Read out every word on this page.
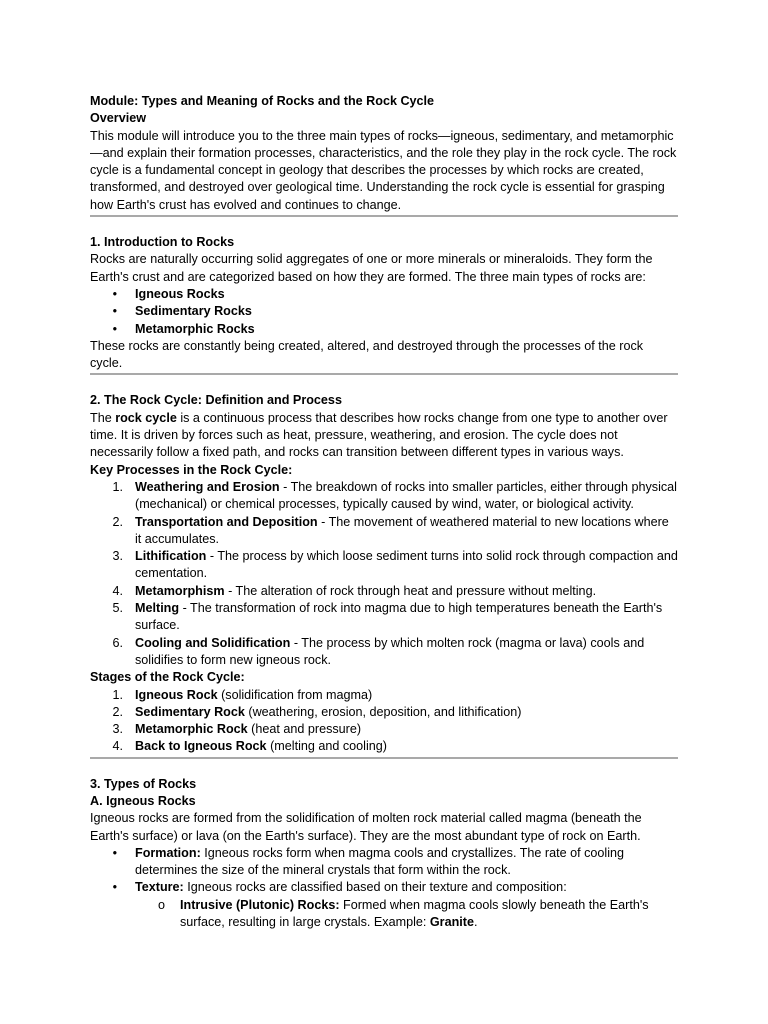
Module: Types and Meaning of Rocks and the Rock Cycle
Overview

This module will introduce you to the three main types of rocks—igneous, sedimentary, and metamorphic—and explain their formation processes, characteristics, and the role they play in the rock cycle. The rock cycle is a fundamental concept in geology that describes the processes by which rocks are created, transformed, and destroyed over geological time. Understanding the rock cycle is essential for grasping how Earth's crust has evolved and continues to change.

1. Introduction to Rocks

Rocks are naturally occurring solid aggregates of one or more minerals or mineraloids. They form the Earth's crust and are categorized based on how they are formed. The three main types of rocks are:

• Igneous Rocks
• Sedimentary Rocks
• Metamorphic Rocks

These rocks are constantly being created, altered, and destroyed through the processes of the rock cycle.

2. The Rock Cycle: Definition and Process

The rock cycle is a continuous process that describes how rocks change from one type to another over time. It is driven by forces such as heat, pressure, weathering, and erosion. The cycle does not necessarily follow a fixed path, and rocks can transition between different types in various ways.

Key Processes in the Rock Cycle:
1. Weathering and Erosion - The breakdown of rocks into smaller particles, either through physical (mechanical) or chemical processes, typically caused by wind, water, or biological activity.
2. Transportation and Deposition - The movement of weathered material to new locations where it accumulates.
3. Lithification - The process by which loose sediment turns into solid rock through compaction and cementation.
4. Metamorphism - The alteration of rock through heat and pressure without melting.
5. Melting - The transformation of rock into magma due to high temperatures beneath the Earth's surface.
6. Cooling and Solidification - The process by which molten rock (magma or lava) cools and solidifies to form new igneous rock.
Stages of the Rock Cycle:
1. Igneous Rock (solidification from magma)
2. Sedimentary Rock (weathering, erosion, deposition, and lithification)
3. Metamorphic Rock (heat and pressure)
4. Back to Igneous Rock (melting and cooling)
3. Types of Rocks
A. Igneous Rocks

Igneous rocks are formed from the solidification of molten rock material called magma (beneath the Earth's surface) or lava (on the Earth's surface). They are the most abundant type of rock on Earth.

• Formation: Igneous rocks form when magma cools and crystallizes. The rate of cooling determines the size of the mineral crystals that form within the rock.
• Texture: Igneous rocks are classified based on their texture and composition:
o Intrusive (Plutonic) Rocks: Formed when magma cools slowly beneath the Earth's surface, resulting in large crystals. Example: Granite.
